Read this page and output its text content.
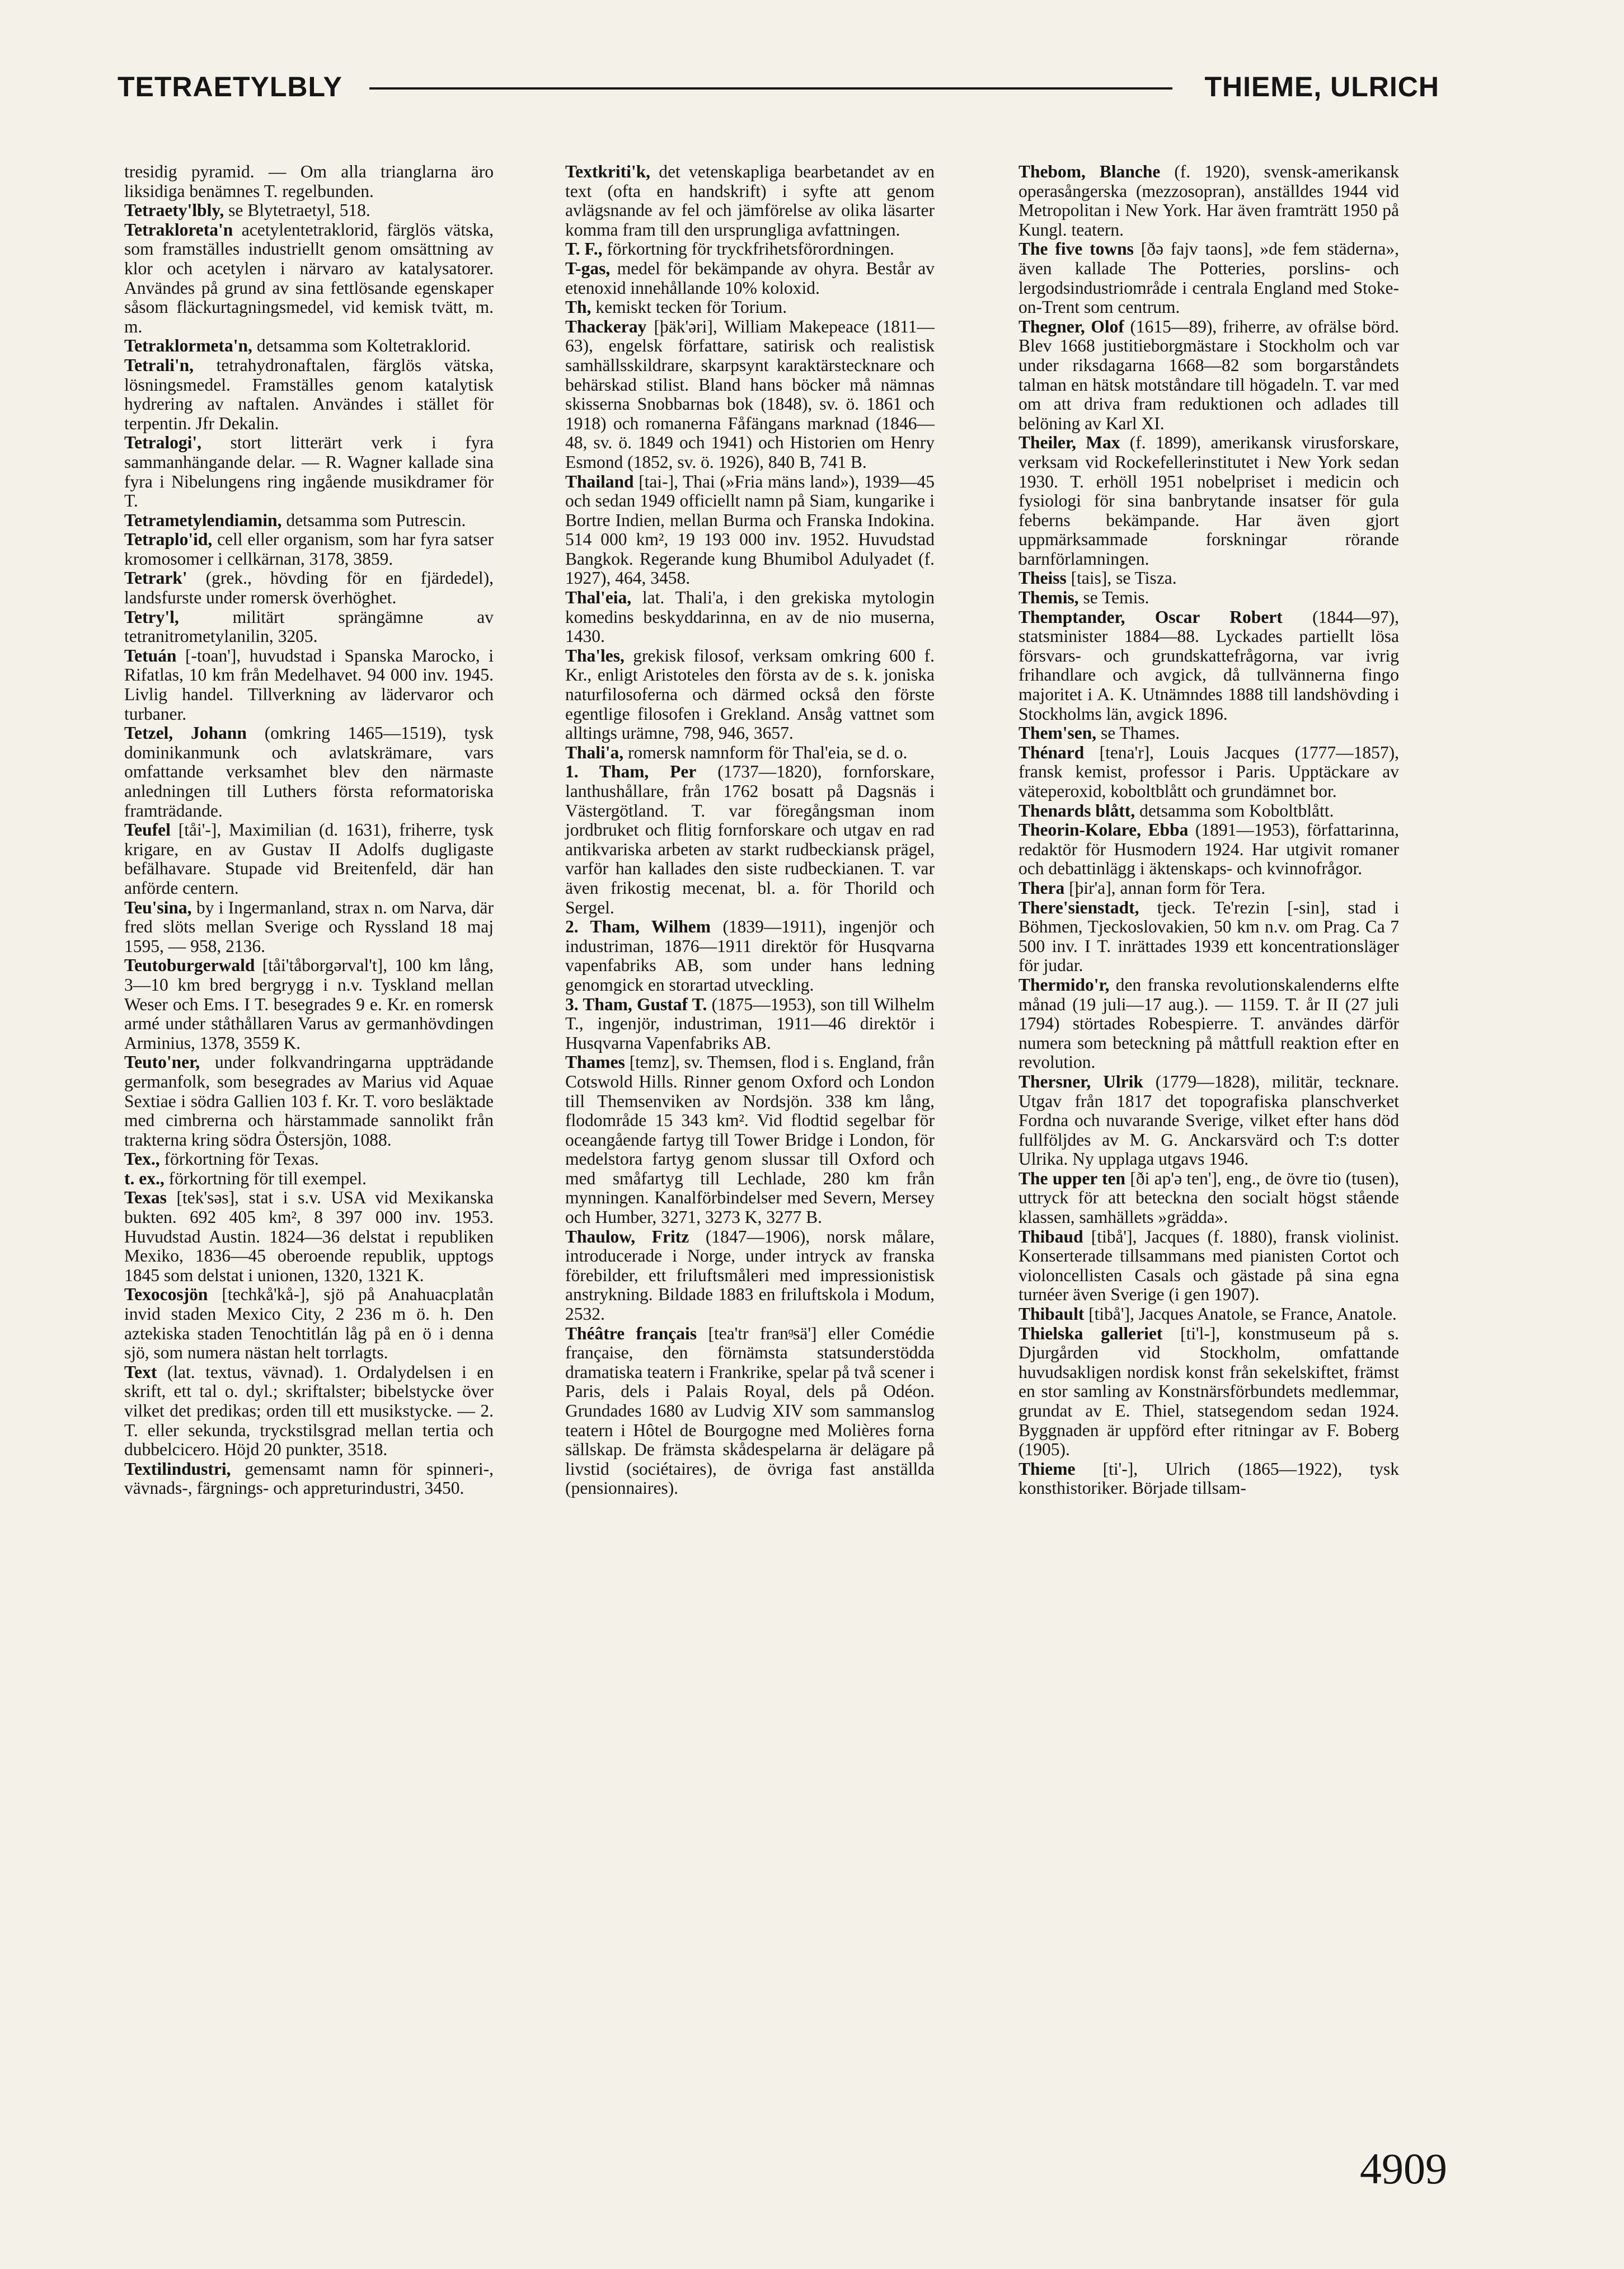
TETRAETYLBLY	THIEME, ULRICH
tresidig pyramid. — Om alla trianglarna äro liksidiga benämnes T. regelbunden.
Tetraety'lbly, se Blytetraetyl, 518.
Tetrakloreta'n acetylentetraklorid, färglös vätska, som framställes industriellt genom omsättning av klor och acetylen i närvaro av katalysatorer. Användes på grund av sina fettlösande egenskaper såsom fläckurtagningsmedel, vid kemisk tvätt, m. m.
Tetraklormeta'n, detsamma som Koltetraklorid.
Tetrali'n, tetrahydronaftalen, färglös vätska, lösningsmedel. Framställes genom katalytisk hydrering av naftalen. Användes i stället för terpentin. Jfr Dekalin.
Tetralogi', stort litterärt verk i fyra sammanhängande delar. — R. Wagner kallade sina fyra i Nibelungens ring ingående musikdramer för T.
Tetrametylendiamin, detsamma som Putrescin.
Tetraplo'id, cell eller organism, som har fyra satser kromosomer i cellkärnan, 3178, 3859.
Tetrark' (grek., hövding för en fjärdedel), landsfurste under romersk överhöghet.
Tetry'l,	militärt sprängämne av tetranitrometylanilin, 3205.
Tetuán [-toan'], huvudstad i Spanska Marocko, i Rifatlas, 10 km från Medelhavet. 94 000 inv. 1945. Livlig handel. Tillverkning av lädervaror och turbaner.
Tetzel, Johann (omkring 1465—1519), tysk dominikanmunk och avlatskrämare, vars omfattande verksamhet blev den närmaste anledningen till Luthers första reformatoriska framträdande.
Teufel [tåi'-], Maximilian (d. 1631), friherre, tysk krigare, en av Gustav II Adolfs dugligaste befälhavare. Stupade vid Breitenfeld, där han anförde centern.
Teu'sina, by i Ingermanland, strax n. om Narva, där fred slöts mellan Sverige och Ryssland 18 maj 1595, — 958, 2136.
Teutoburgerwald [tåi'tåborgərval't], 100 km lång, 3—10 km bred bergrygg i n.v. Tyskland mellan Weser och Ems. I T. besegrades 9 e. Kr. en romersk armé under ståthållaren Varus av germanhövdingen Arminius, 1378, 3559 K.
Teuto'ner, under folkvandringarna uppträdande germanfolk, som besegrades av Marius vid Aquae Sextiae i södra Gallien 103 f. Kr. T. voro besläktade med cimbrerna och härstammade sannolikt från trakterna kring södra Östersjön, 1088.
Tex., förkortning för Texas.
t. ex., förkortning för till exempel.
Texas [tek'səs], stat i s.v. USA vid Mexikanska bukten. 692 405 km², 8 397 000 inv. 1953. Huvudstad Austin. 1824—36 delstat i republiken Mexiko, 1836—45 oberoende republik, upptogs 1845 som delstat i unionen, 1320, 1321 K.
Texocosjön [techkå'kå-], sjö på Anahuacplatån invid staden Mexico City, 2 236 m ö. h. Den aztekiska staden Tenochtitlán låg på en ö i denna sjö, som numera nästan helt torrlagts.
Text (lat. textus, vävnad). 1. Ordalydelsen i en skrift, ett tal o. dyl.; skriftalster; bibelstycke över vilket det predikas; orden till ett musikstycke. — 2. T. eller sekunda, tryckstilsgrad mellan tertia och dubbelcicero. Höjd 20 punkter, 3518.
Textilindustri, gemensamt namn för spinneri-, vävnads-, färgnings- och appreturindustri, 3450.
Textkriti'k, det vetenskapliga bearbetandet av en text (ofta en handskrift) i syfte att genom avlägsnande av fel och jämförelse av olika läsarter komma fram till den ursprungliga avfattningen.
T. F., förkortning för tryckfrihetsförordningen.
T-gas, medel för bekämpande av ohyra. Består av etenoxid innehållande 10% koloxid.
Th, kemiskt tecken för Torium.
Thackeray [þäk'əri], William Makepeace (1811—63), engelsk författare, satirisk och realistisk samhällsskildrare, skarpsynt karaktärstecknare och behärskad stilist. Bland hans böcker må nämnas skisserna Snobbarnas bok (1848), sv. ö. 1861 och 1918) och romanerna Fåfängans marknad (1846—48, sv. ö. 1849 och 1941) och Historien om Henry Esmond (1852, sv. ö. 1926), 840 B, 741 B.
Thailand [tai-], Thai (»Fria mäns land»), 1939—45 och sedan 1949 officiellt namn på Siam, kungarike i Bortre Indien, mellan Burma och Franska Indokina. 514 000 km², 19 193 000 inv. 1952. Huvudstad Bangkok. Regerande kung Bhumibol Adulyadet (f. 1927), 464, 3458.
Thal'eia, lat. Thali'a, i den grekiska mytologin komedins beskyddarinna, en av de nio muserna, 1430.
Tha'les, grekisk filosof, verksam omkring 600 f. Kr., enligt Aristoteles den första av de s. k. joniska naturfilosoferna och därmed också den förste egentlige filosofen i Grekland. Ansåg vattnet som alltings urämne, 798, 946, 3657.
Thali'a, romersk namnform för Thal'eia, se d. o.
1. Tham, Per (1737—1820), fornforskare, lanthushållare, från 1762 bosatt på Dagsnäs i Västergötland. T. var föregångsman inom jordbruket och flitig fornforskare och utgav en rad antikvariska arbeten av starkt rudbeckiansk prägel, varför han kallades den siste rudbeckianen. T. var även frikostig mecenat, bl. a. för Thorild och Sergel.
2. Tham, Wilhem (1839—1911), ingenjör och industriman, 1876—1911 direktör för Husqvarna vapenfabriks AB, som under hans ledning genomgick en storartad utveckling.
3. Tham, Gustaf T. (1875—1953), son till Wilhelm T., ingenjör, industriman, 1911—46 direktör i Husqvarna Vapenfabriks AB.
Thames [temz], sv. Themsen, flod i s. England, från Cotswold Hills. Rinner genom Oxford och London till Themsenviken av Nordsjön. 338 km lång, flodområde 15 343 km². Vid flodtid segelbar för oceangående fartyg till Tower Bridge i London, för medelstora fartyg genom slussar till Oxford och med småfartyg till Lechlade, 280 km från mynningen. Kanalförbindelser med Severn, Mersey och Humber, 3271, 3273 K, 3277 B.
Thaulow, Fritz (1847—1906), norsk målare, introducerade i Norge, under intryck av franska förebilder, ett friluftsmåleri med impressionistisk anstrykning. Bildade 1883 en friluftskola i Modum, 2532.
Théâtre français [tea'tr franᶢsä'] eller Comédie française, den förnämsta statsunderstödda dramatiska teatern i Frankrike, spelar på två scener i Paris, dels i Palais Royal, dels på Odéon. Grundades 1680 av Ludvig XIV som sammanslog teatern i Hôtel de Bourgogne med Molières forna sällskap. De främsta skådespelarna är delägare på livstid (sociétaires), de övriga fast anställda (pensionnaires).
Thebom, Blanche (f. 1920), svensk-amerikansk operasångerska (mezzosopran), anställdes 1944 vid Metropolitan i New York. Har även framträtt 1950 på Kungl. teatern.
The five towns [ðə fajv taons], »de fem städerna», även kallade The Potteries, porslins- och lergodsindustriområde i centrala England med Stoke-on-Trent som centrum.
Thegner, Olof (1615—89), friherre, av ofrälse börd. Blev 1668 justitieborgmästare i Stockholm och var under riksdagarna 1668—82 som borgarståndets talman en hätsk motståndare till högadeln. T. var med om att driva fram reduktionen och adlades till belöning av Karl XI.
Theiler, Max (f. 1899), amerikansk virusforskare, verksam vid Rockefellerinstitutet i New York sedan 1930. T. erhöll 1951 nobelpriset i medicin och fysiologi för sina banbrytande insatser för gula feberns bekämpande. Har även gjort uppmärksammade forskningar rörande barnförlamningen.
Theiss [tais], se Tisza.
Themis, se Temis.
Themptander, Oscar Robert (1844—97), statsminister 1884—88. Lyckades partiellt lösa försvars- och grundskattefrågorna, var ivrig frihandlare och avgick, då tullvännerna fingo majoritet i A. K. Utnämndes 1888 till landshövding i Stockholms län, avgick 1896.
Them'sen, se Thames.
Thénard [tena'r], Louis Jacques (1777—1857), fransk kemist, professor i Paris. Upptäckare av väteperoxid, koboltblått och grundämnet bor.
Thenards blått, detsamma som Koboltblått.
Theorin-Kolare, Ebba (1891—1953), författarinna, redaktör för Husmodern 1924. Har utgivit romaner och debattinlägg i äktenskaps- och kvinnofrågor.
Thera [þir'a], annan form för Tera.
There'sienstadt, tjeck. Te'rezin [-sin], stad i Böhmen, Tjeckoslovakien, 50 km n.v. om Prag. Ca 7 500 inv. I T. inrättades 1939 ett koncentrationsläger för judar.
Thermido'r, den franska revolutionskalenderns elfte månad (19 juli—17 aug.). — 1159. T. år II (27 juli 1794) störtades Robespierre. T. användes därför numera som beteckning på måttfull reaktion efter en revolution.
Thersner, Ulrik (1779—1828), militär, tecknare. Utgav från 1817 det topografiska planschverket Fordna och nuvarande Sverige, vilket efter hans död fullföljdes av M. G. Anckarsvärd och T:s dotter Ulrika. Ny upplaga utgavs 1946.
The upper ten [ði ap'ə ten'], eng., de övre tio (tusen), uttryck för att beteckna den socialt högst stående klassen, samhällets »grädda».
Thibaud [tibå'], Jacques (f. 1880), fransk violinist. Konserterade tillsammans med pianisten Cortot och violoncellisten Casals och gästade på sina egna turnéer även Sverige (i gen 1907).
Thibault [tibå'], Jacques Anatole, se France, Anatole.
Thielska galleriet [ti'l-], konstmuseum på s. Djurgården vid Stockholm, omfattande huvudsakligen nordisk konst från sekelskiftet, främst en stor samling av Konstnärsförbundets medlemmar, grundat av E. Thiel, statsegendom sedan 1924. Byggnaden är uppförd efter ritningar av F. Boberg (1905).
Thieme [ti'-], Ulrich (1865—1922), tysk konsthistoriker. Började tillsam-
4909
